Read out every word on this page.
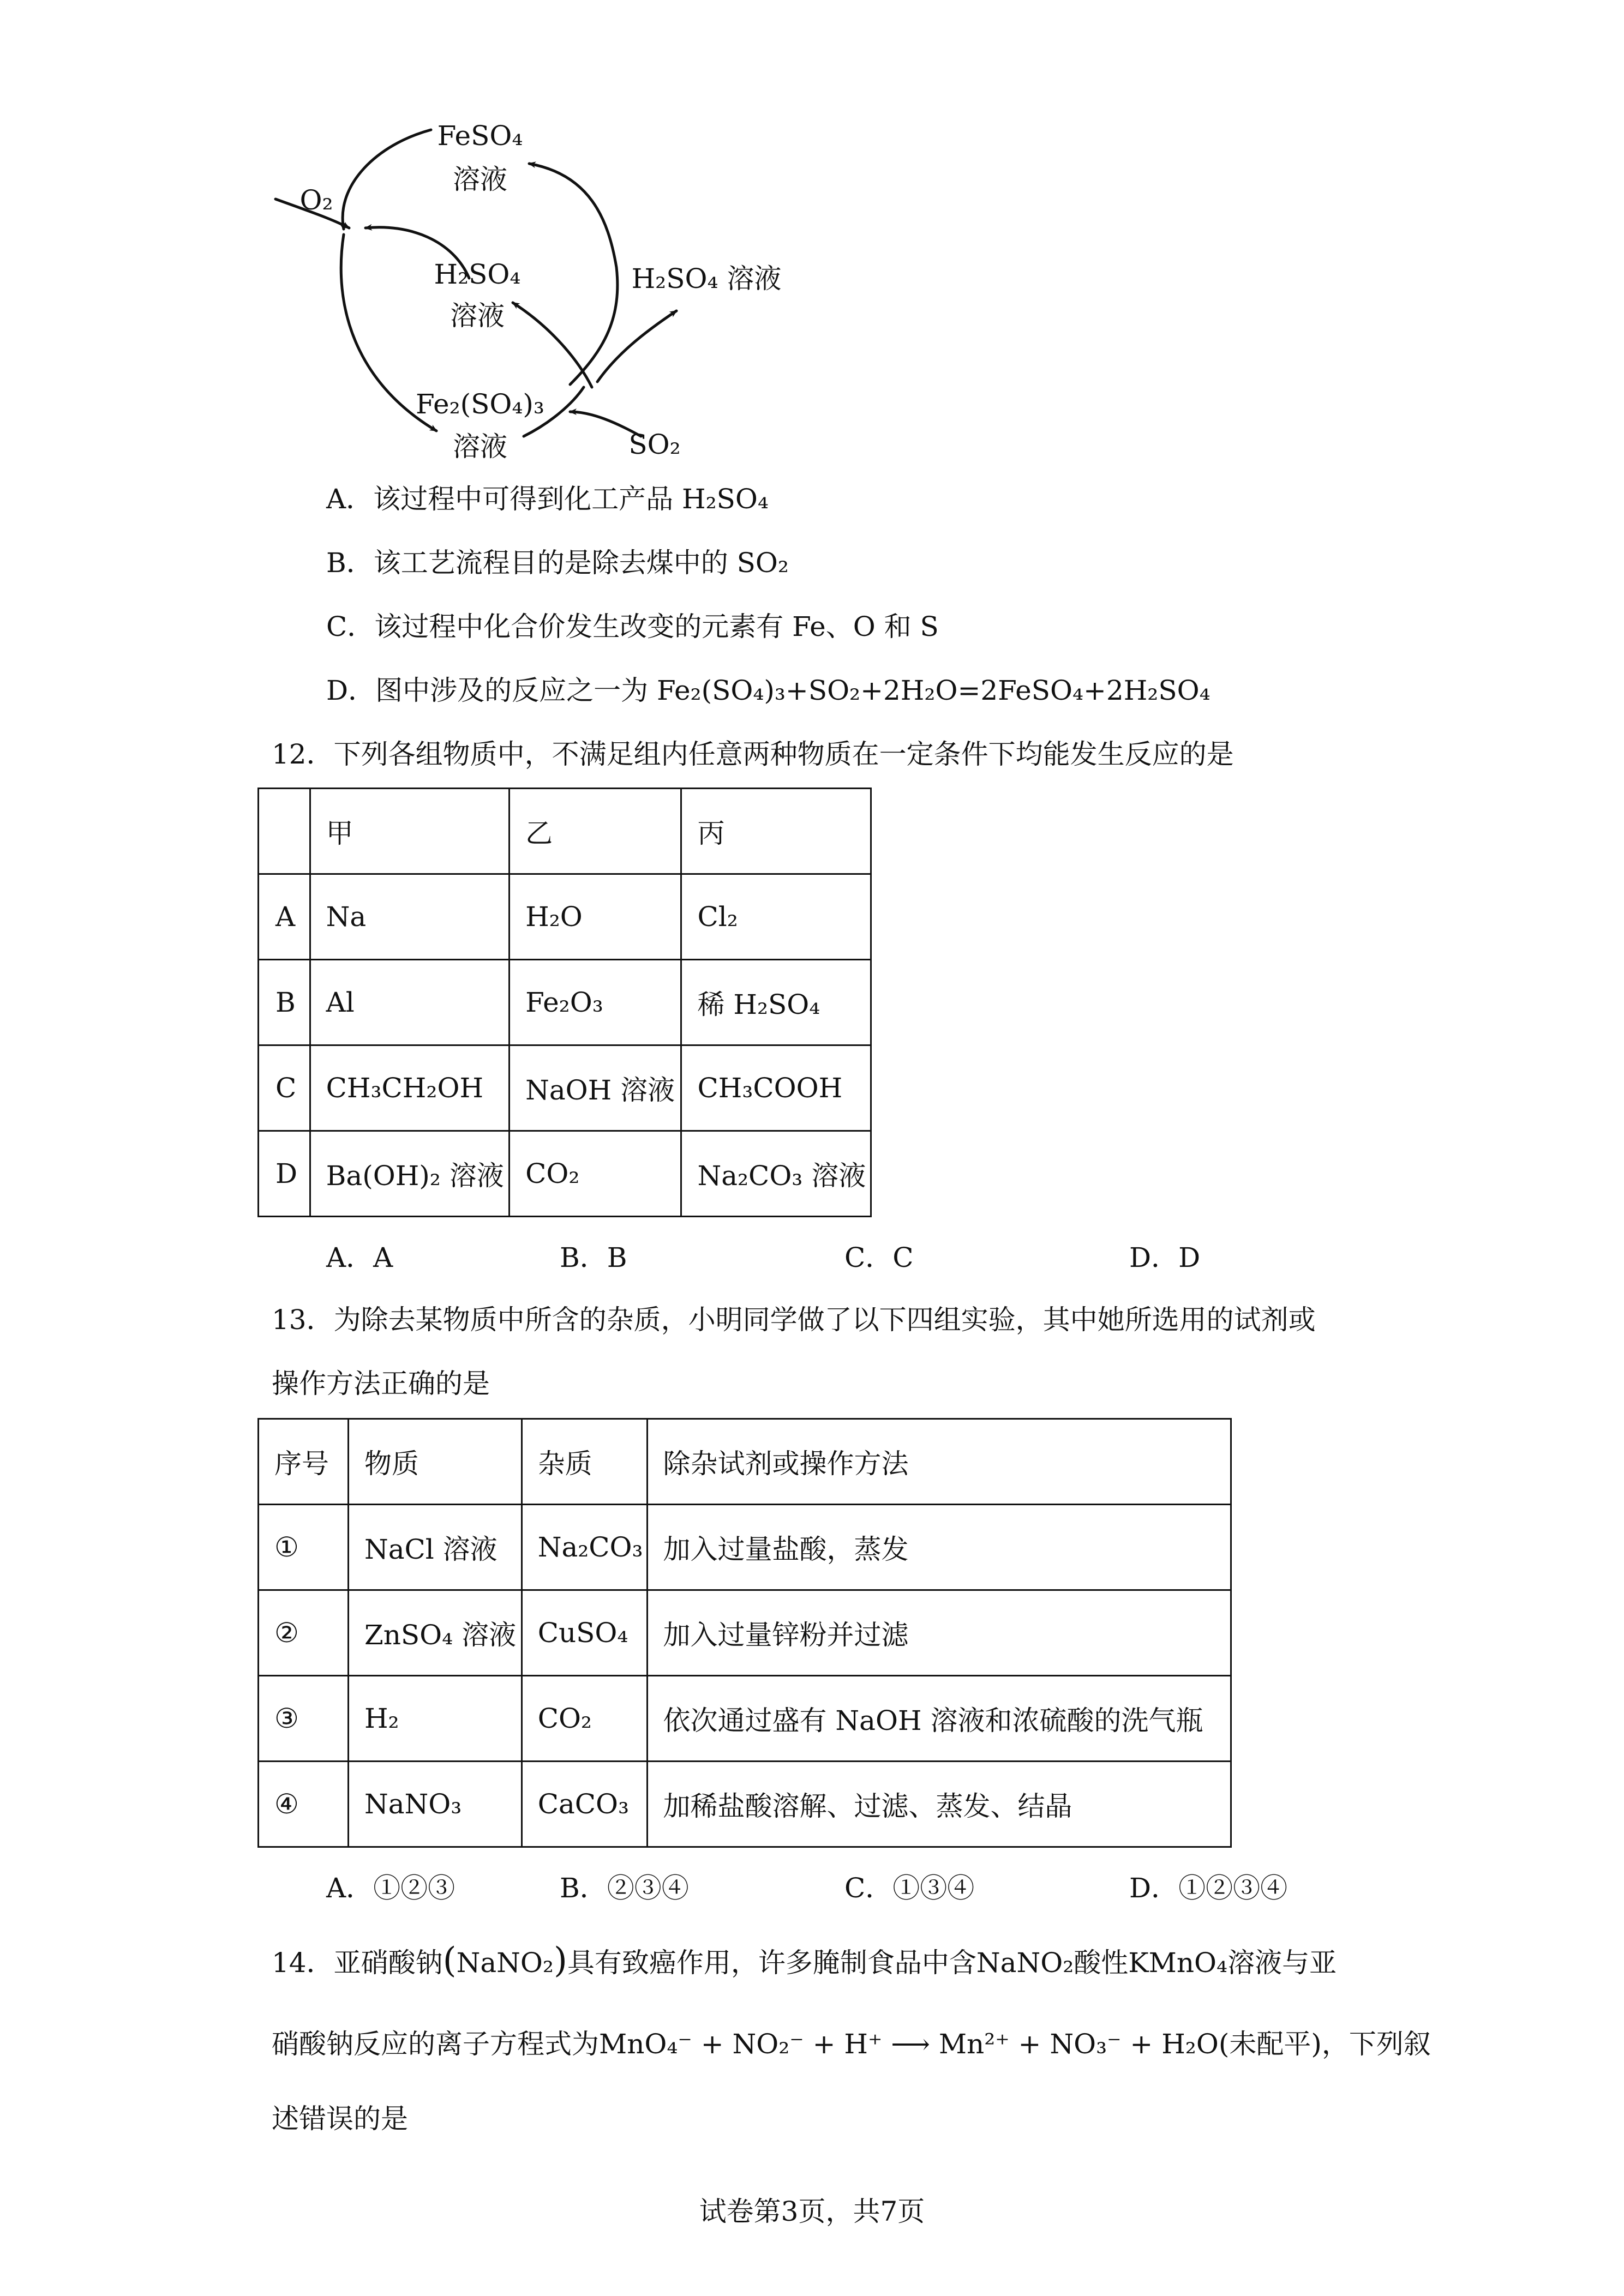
FeSO₄
溶液
O₂
H₂SO₄
溶液
H₂SO₄ 溶液
Fe₂(SO₄)₃
溶液	SO₂
A．该过程中可得到化工产品 H₂SO₄
B．该工艺流程目的是除去煤中的 SO₂
C．该过程中化合价发生改变的元素有 Fe、O 和 S
D．图中涉及的反应之一为 Fe₂(SO₄)₃+SO₂+2H₂O=2FeSO₄+2H₂SO₄
12．下列各组物质中，不满足组内任意两种物质在一定条件下均能发生反应的是
	甲	乙	丙
A	Na	H₂O	Cl₂
B	Al	Fe₂O₃	稀 H₂SO₄
C	CH₃CH₂OH	NaOH 溶液	CH₃COOH
D	Ba(OH)₂ 溶液	CO₂	Na₂CO₃ 溶液
A．A	B．B	C．C	D．D
13．为除去某物质中所含的杂质，小明同学做了以下四组实验，其中她所选用的试剂或
操作方法正确的是
序号	物质	杂质	除杂试剂或操作方法
①	NaCl 溶液	Na₂CO₃	加入过量盐酸，蒸发
②	ZnSO₄ 溶液	CuSO₄	加入过量锌粉并过滤
③	H₂	CO₂	依次通过盛有 NaOH 溶液和浓硫酸的洗气瓶
④	NaNO₃	CaCO₃	加稀盐酸溶解、过滤、蒸发、结晶
A．①②③	B．②③④	C．①③④	D．①②③④
14．亚硝酸钠(NaNO₂)具有致癌作用，许多腌制食品中含NaNO₂酸性KMnO₄溶液与亚
硝酸钠反应的离子方程式为MnO₄⁻ + NO₂⁻ + H⁺ ⟶ Mn²⁺ + NO₃⁻ + H₂O(未配平)，下列叙
述错误的是
试卷第3页，共7页
